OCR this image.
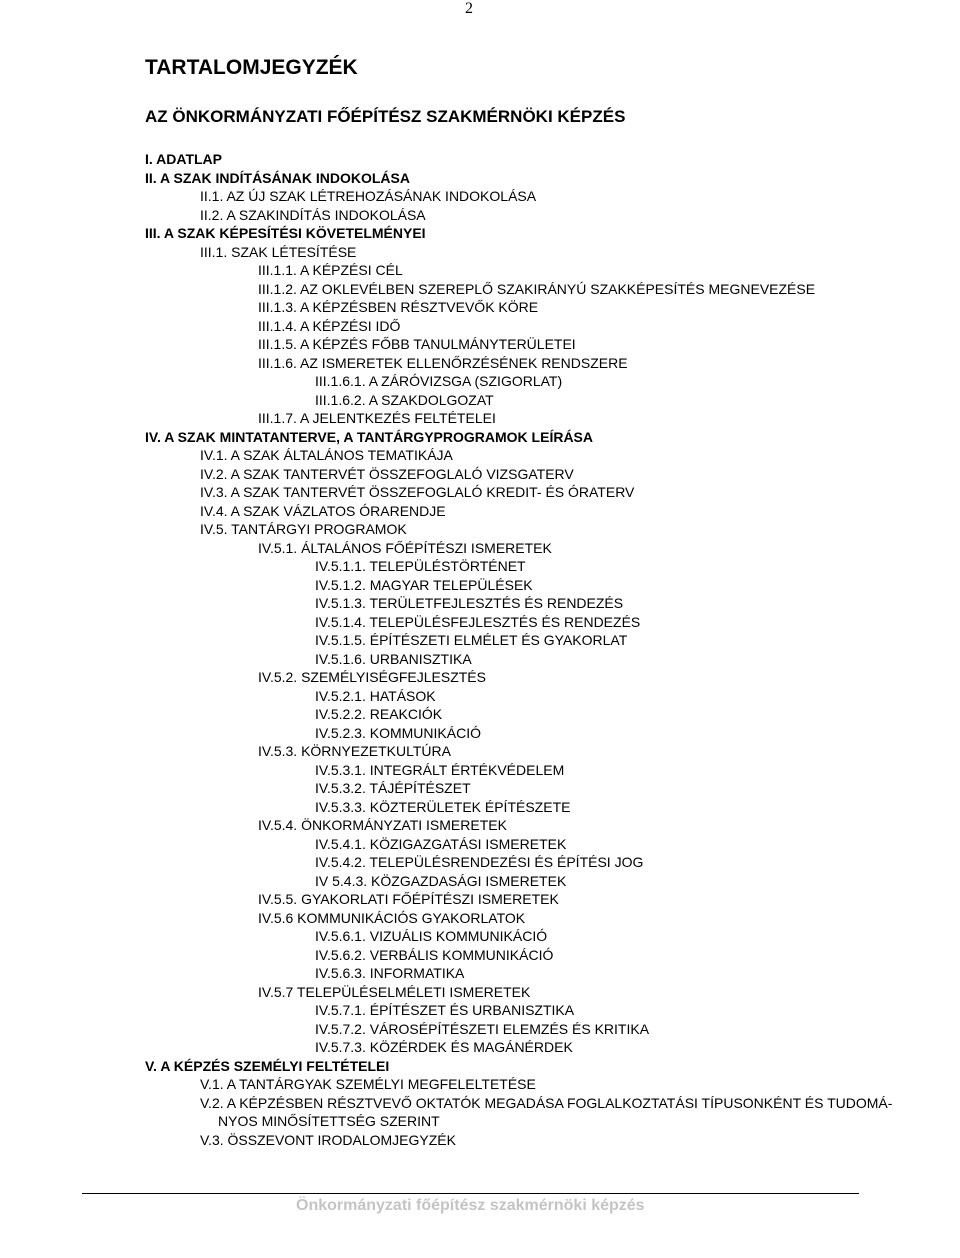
2
TARTALOMJEGYZÉK
AZ ÖNKORMÁNYZATI FŐÉPÍTÉSZ SZAKMÉRNÖKI KÉPZÉS
I. ADATLAP
II. A SZAK INDÍTÁSÁNAK INDOKOLÁSA
II.1. AZ ÚJ SZAK LÉTREHOZÁSÁNAK INDOKOLÁSA
II.2. A SZAKINDÍTÁS INDOKOLÁSA
III. A SZAK KÉPESÍTÉSI KÖVETELMÉNYEI
III.1. SZAK LÉTESÍTÉSE
III.1.1. A KÉPZÉSI CÉL
III.1.2. AZ OKLEVÉLBEN SZEREPLŐ SZAKIRÁNYÚ SZAKKÉPESÍTÉS MEGNEVEZÉSE
III.1.3. A KÉPZÉSBEN RÉSZTVEVŐK KÖRE
III.1.4. A KÉPZÉSI IDŐ
III.1.5. A KÉPZÉS FŐBB TANULMÁNYTERÜLETEI
III.1.6. AZ ISMERETEK ELLENŐRZÉSÉNEK RENDSZERE
III.1.6.1. A ZÁRÓVIZSGA (SZIGORLAT)
III.1.6.2. A SZAKDOLGOZAT
III.1.7. A JELENTKEZÉS FELTÉTELEI
IV. A SZAK MINTATANTERVE, A TANTÁRGYPROGRAMOK LEÍRÁSA
IV.1. A SZAK ÁLTALÁNOS TEMATIKÁJA
IV.2. A SZAK TANTERVÉT ÖSSZEFOGLALÓ VIZSGATERV
IV.3. A SZAK TANTERVÉT ÖSSZEFOGLALÓ KREDIT- ÉS ÓRATERV
IV.4. A SZAK VÁZLATOS ÓRARENDJE
IV.5. TANTÁRGYI PROGRAMOK
IV.5.1. ÁLTALÁNOS FŐÉPÍTÉSZI ISMERETEK
IV.5.1.1. TELEPÜLÉSTÖRTÉNET
IV.5.1.2. MAGYAR TELEPÜLÉSEK
IV.5.1.3. TERÜLETFEJLESZTÉS ÉS RENDEZÉS
IV.5.1.4. TELEPÜLÉSFEJLESZTÉS ÉS RENDEZÉS
IV.5.1.5. ÉPÍTÉSZETI ELMÉLET ÉS GYAKORLAT
IV.5.1.6. URBANISZTIKA
IV.5.2. SZEMÉLYISÉGFEJLESZTÉS
IV.5.2.1. HATÁSOK
IV.5.2.2. REAKCIÓK
IV.5.2.3. KOMMUNIKÁCIÓ
IV.5.3. KÖRNYEZETKULTÚRA
IV.5.3.1. INTEGRÁLT ÉRTÉKVÉDELEM
IV.5.3.2. TÁJÉPÍTÉSZET
IV.5.3.3. KÖZTERÜLETEK ÉPÍTÉSZETE
IV.5.4. ÖNKORMÁNYZATI ISMERETEK
IV.5.4.1. KÖZIGAZGATÁSI ISMERETEK
IV.5.4.2. TELEPÜLÉSRENDEZÉSI ÉS ÉPÍTÉSI JOG
IV 5.4.3. KÖZGAZDASÁGI ISMERETEK
IV.5.5. GYAKORLATI FŐÉPÍTÉSZI ISMERETEK
IV.5.6 KOMMUNIKÁCIÓS GYAKORLATOK
IV.5.6.1. VIZUÁLIS KOMMUNIKÁCIÓ
IV.5.6.2. VERBÁLIS KOMMUNIKÁCIÓ
IV.5.6.3. INFORMATIKA
IV.5.7 TELEPÜLÉSELMÉLETI ISMERETEK
IV.5.7.1. ÉPÍTÉSZET ÉS URBANISZTIKA
IV.5.7.2. VÁROSÉPÍTÉSZETI ELEMZÉS ÉS KRITIKA
IV.5.7.3. KÖZÉRDEK ÉS MAGÁNÉRDEK
V. A KÉPZÉS SZEMÉLYI FELTÉTELEI
V.1. A TANTÁRGYAK SZEMÉLYI MEGFELELTETÉSE
V.2. A KÉPZÉSBEN RÉSZTVEVŐ OKTATÓK MEGADÁSA FOGLALKOZTATÁSI TÍPUSONKÉNT ÉS TUDOMÁ-
NYOS MINŐSÍTETTSÉG SZERINT
V.3. ÖSSZEVONT IRODALOMJEGYZÉK
Önkormányzati főépítész szakmérnöki képzés
